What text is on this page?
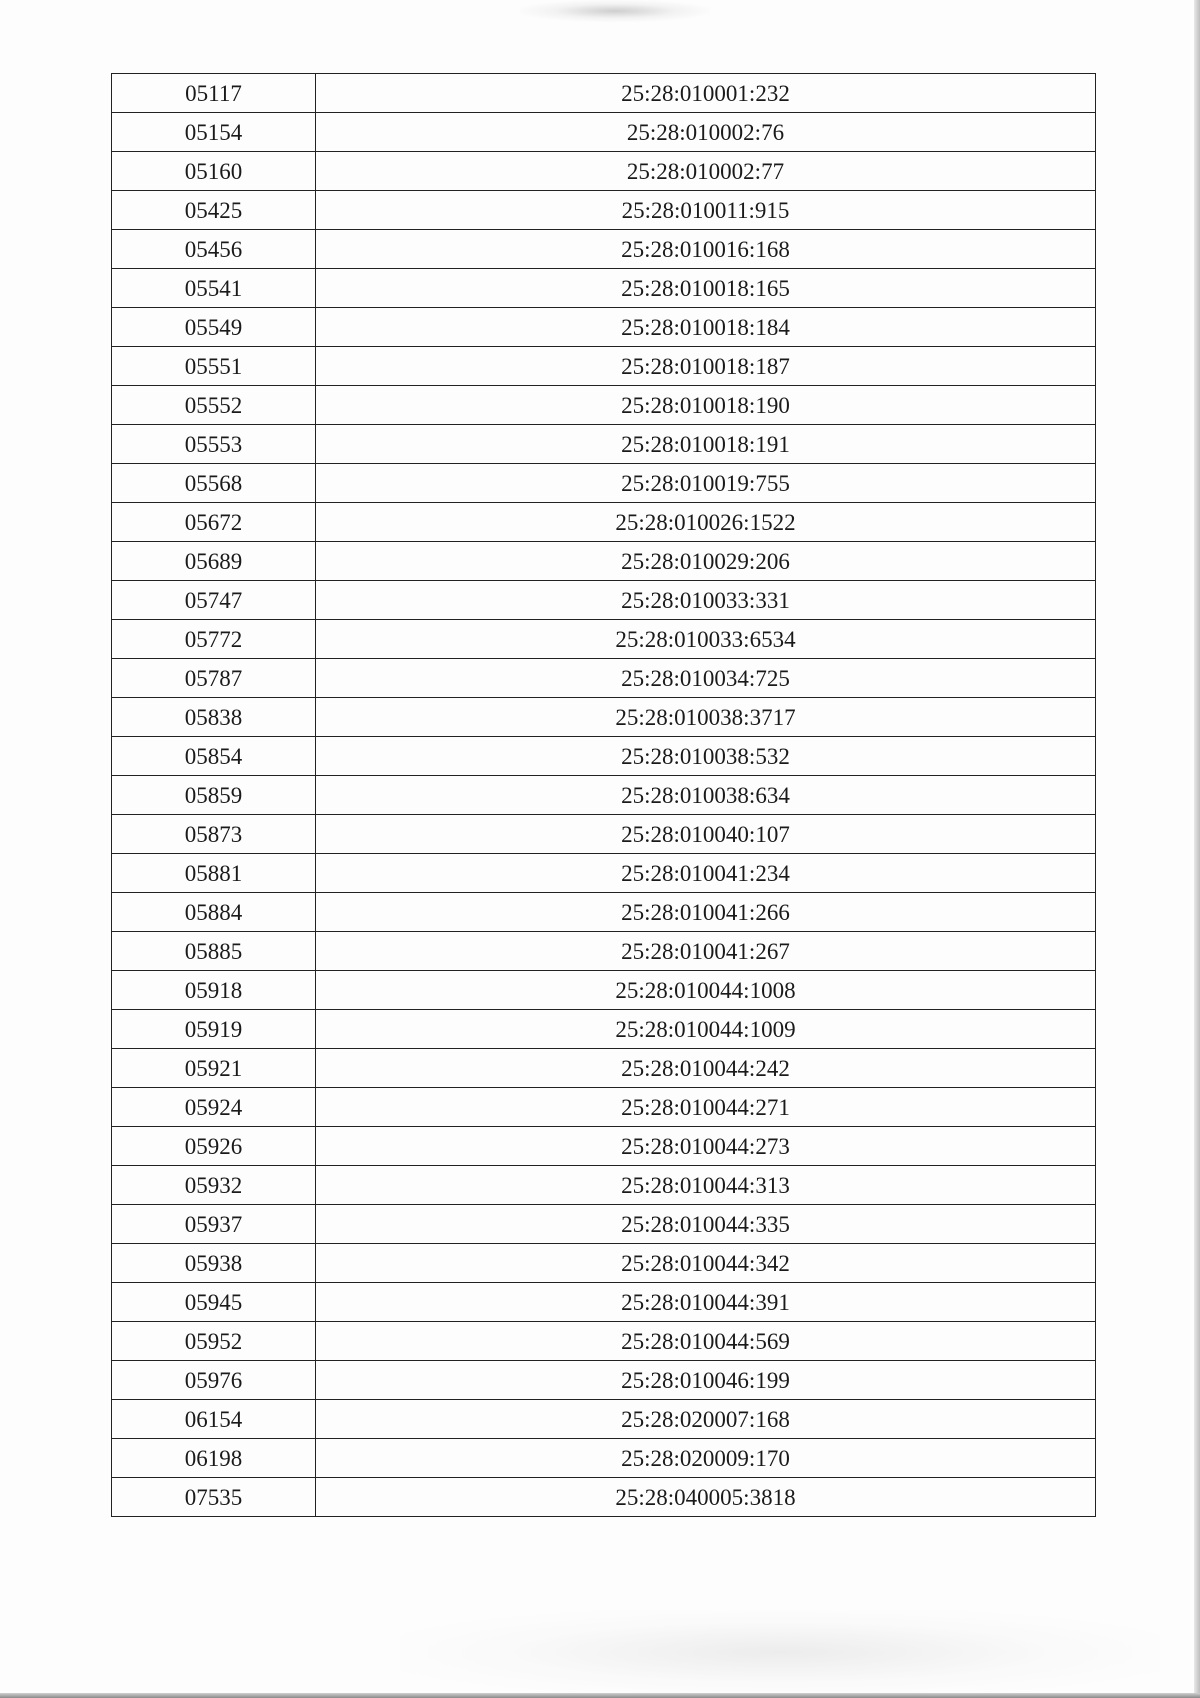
05117	25:28:010001:232
05154	25:28:010002:76
05160	25:28:010002:77
05425	25:28:010011:915
05456	25:28:010016:168
05541	25:28:010018:165
05549	25:28:010018:184
05551	25:28:010018:187
05552	25:28:010018:190
05553	25:28:010018:191
05568	25:28:010019:755
05672	25:28:010026:1522
05689	25:28:010029:206
05747	25:28:010033:331
05772	25:28:010033:6534
05787	25:28:010034:725
05838	25:28:010038:3717
05854	25:28:010038:532
05859	25:28:010038:634
05873	25:28:010040:107
05881	25:28:010041:234
05884	25:28:010041:266
05885	25:28:010041:267
05918	25:28:010044:1008
05919	25:28:010044:1009
05921	25:28:010044:242
05924	25:28:010044:271
05926	25:28:010044:273
05932	25:28:010044:313
05937	25:28:010044:335
05938	25:28:010044:342
05945	25:28:010044:391
05952	25:28:010044:569
05976	25:28:010046:199
06154	25:28:020007:168
06198	25:28:020009:170
07535	25:28:040005:3818
